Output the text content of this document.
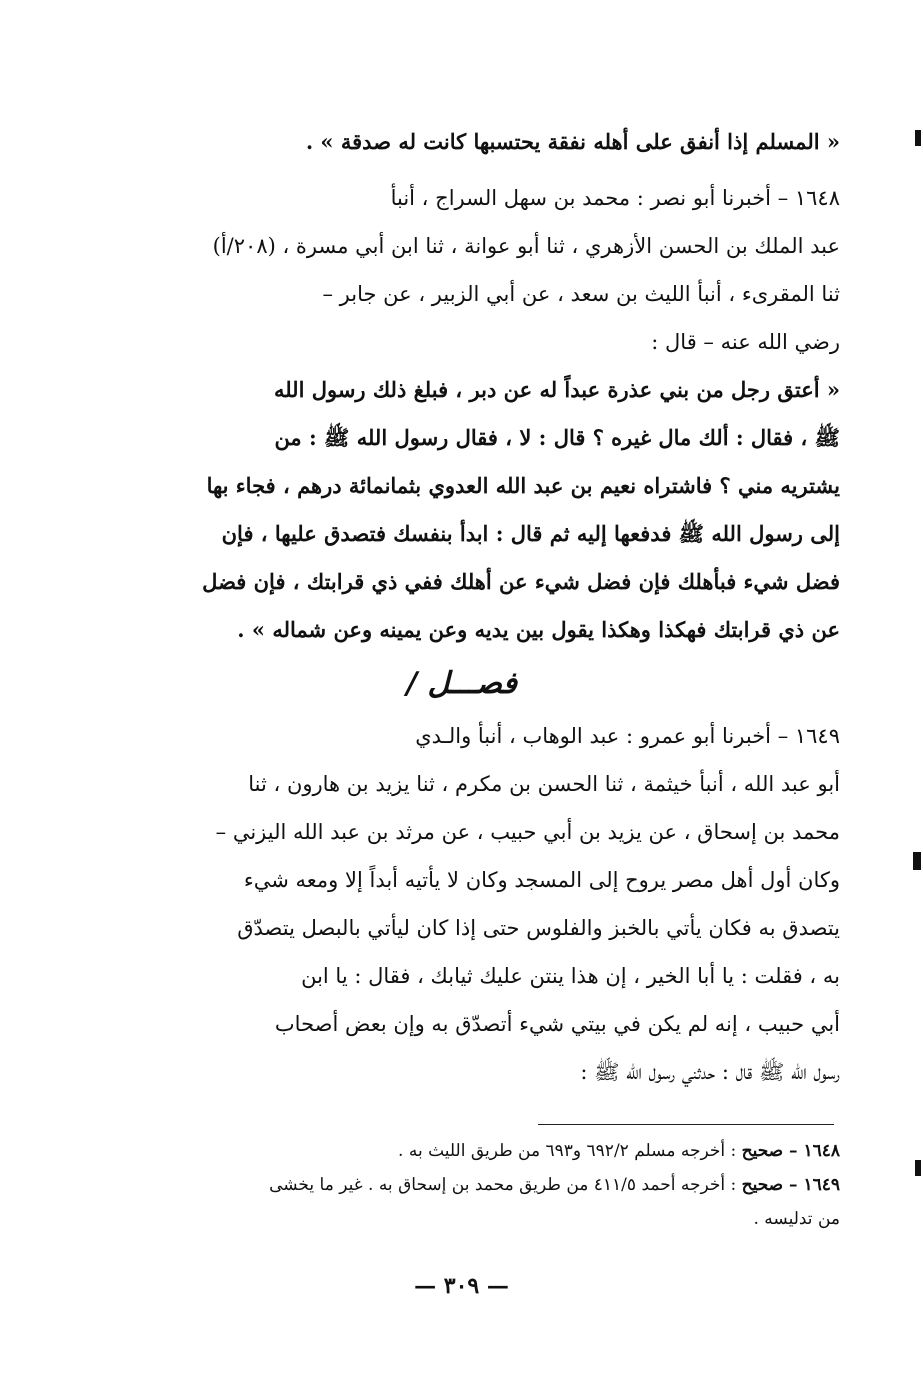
« المسلم إذا أنفق على أهله نفقة يحتسبها كانت له صدقة » .
١٦٤٨ – أخبرنا أبو نصر : محمد بن سهل السراج ، أنبأ
عبد الملك بن الحسن الأزهري ، ثنا أبو عوانة ، ثنا ابن أبي مسرة ، (٢٠٨/أ)
ثنا المقرىء ، أنبأ الليث بن سعد ، عن أبي الزبير ، عن جابر –
رضي الله عنه – قال :
« أعتق رجل من بني عذرة عبداً له عن دبر ، فبلغ ذلك رسول الله
ﷺ ، فقال : ألك مال غيره ؟ قال : لا ، فقال رسول الله ﷺ : من
يشتريه مني ؟ فاشتراه نعيم بن عبد الله العدوي بثمانمائة درهم ، فجاء بها
إلى رسول الله ﷺ فدفعها إليه ثم قال : ابدأ بنفسك فتصدق عليها ، فإن
فضل شيء فبأهلك فإن فضل شيء عن أهلك ففي ذي قرابتك ، فإن فضل
عن ذي قرابتك فهكذا وهكذا يقول بين يديه وعن يمينه وعن شماله » .
فصـــل /
١٦٤٩ – أخبرنا أبو عمرو : عبد الوهاب ، أنبأ والـدي
أبو عبد الله ، أنبأ خيثمة ، ثنا الحسن بن مكرم ، ثنا يزيد بن هارون ، ثنا
محمد بن إسحاق ، عن يزيد بن أبي حبيب ، عن مرثد بن عبد الله اليزني –
وكان أول أهل مصر يروح إلى المسجد وكان لا يأتيه أبداً إلا ومعه شيء
يتصدق به فكان يأتي بالخبز والفلوس حتى إذا كان ليأتي بالبصل يتصدّق
به ، فقلت : يا أبا الخير ، إن هذا ينتن عليك ثيابك ، فقال : يا ابن
أبي حبيب ، إنه لم يكن في بيتي شيء أتصدّق به وإن بعض أصحاب
رسول الله ﷺ قال : حدثني رسول الله ﷺ :
١٦٤٨ – صحيح : أخرجه مسلم ٦٩٢/٢ و٦٩٣ من طريق الليث به .
١٦٤٩ – صحيح : أخرجه أحمد ٤١١/٥ من طريق محمد بن إسحاق به . غير ما يخشى
من تدليسه .
— ٣٠٩ —
